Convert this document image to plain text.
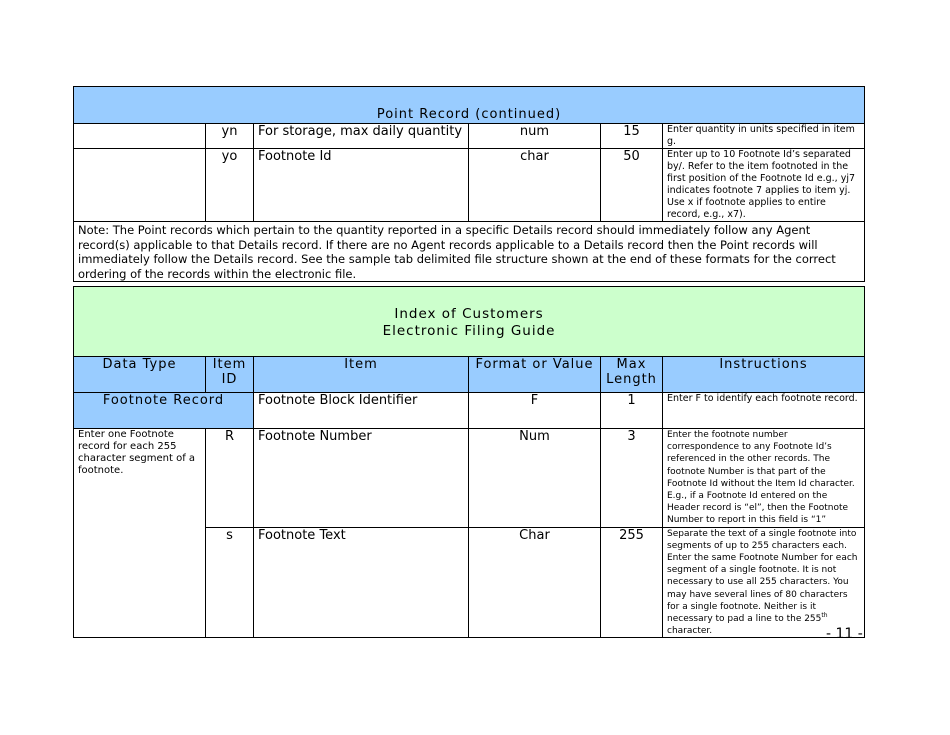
Point Record (continued)					
	yn	For storage, max daily quantity	num	15	Enter quantity in units specified in item g.
	yo	Footnote Id	char	50	Enter up to 10 Footnote Id’s separated by/. Refer to the item footnoted in the first position of the Footnote Id e.g., yj7 indicates footnote 7 applies to item yj. Use x if footnote applies to entire record, e.g., x7).
Note: The Point records which pertain to the quantity reported in a specific Details record should immediately follow any Agent record(s) applicable to that Details record. If there are no Agent records applicable to a Details record then the Point records will immediately follow the Details record. See the sample tab delimited file structure shown at the end of these formats for the correct ordering of the records within the electronic file.					
Index of Customers
Electronic Filing Guide					

Data Type	Item ID	Item	Format or Value	Max Length	Instructions
Footnote Record		Footnote Block Identifier	F	1	Enter F to identify each footnote record.
Enter one Footnote record for each 255 character segment of a footnote.	R	Footnote Number	Num	3	Enter the footnote number correspondence to any Footnote Id’s referenced in the other records. The footnote Number is that part of the Footnote Id without the Item Id character. E.g., if a Footnote Id entered on the Header record is “el”, then the Footnote Number to report in this field is “1”
	s	Footnote Text	Char	255	Separate the text of a single footnote into segments of up to 255 characters each. Enter the same Footnote Number for each segment of a single footnote. It is not necessary to use all 255 characters. You may have several lines of 80 characters for a single footnote. Neither is it necessary to pad a line to the 255th character.	- 11 -
